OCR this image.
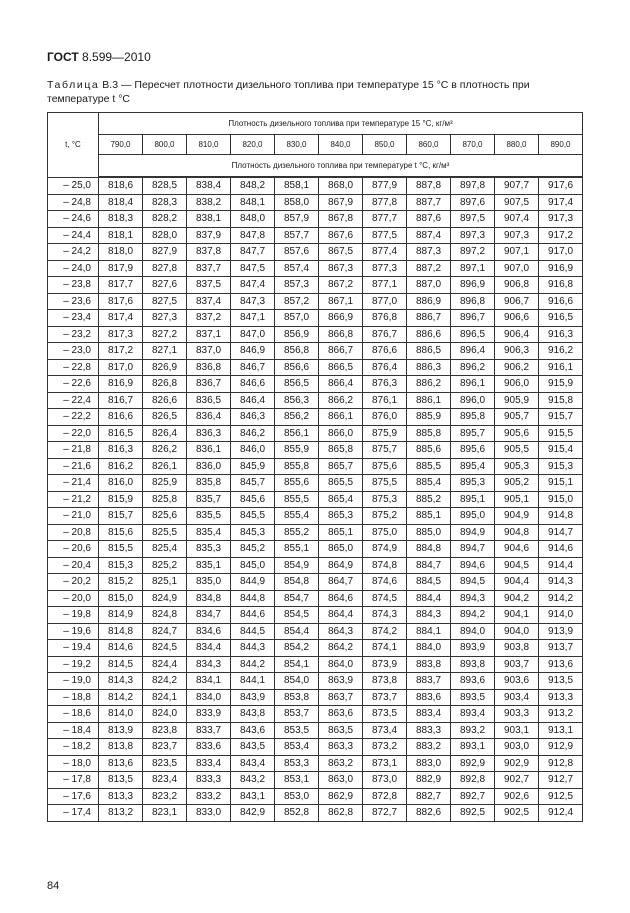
ГОСТ 8.599—2010
Таблица В.3 — Пересчет плотности дизельного топлива при температуре 15 °С в плотность при температуре t °С
t, °С	Плотность дизельного топлива при температуре 15 °С, кг/м³										
	790,0	800,0	810,0	820,0	830,0	840,0	850,0	860,0	870,0	880,0	890,0
	Плотность дизельного топлива при температуре t °С, кг/м³										
– 25,0	818,6	828,5	838,4	848,2	858,1	868,0	877,9	887,8	897,8	907,7	917,6
– 24,8	818,4	828,3	838,2	848,1	858,0	867,9	877,8	887,7	897,6	907,5	917,4
– 24,6	818,3	828,2	838,1	848,0	857,9	867,8	877,7	887,6	897,5	907,4	917,3
– 24,4	818,1	828,0	837,9	847,8	857,7	867,6	877,5	887,4	897,3	907,3	917,2
– 24,2	818,0	827,9	837,8	847,7	857,6	867,5	877,4	887,3	897,2	907,1	917,0
– 24,0	817,9	827,8	837,7	847,5	857,4	867,3	877,3	887,2	897,1	907,0	916,9
– 23,8	817,7	827,6	837,5	847,4	857,3	867,2	877,1	887,0	896,9	906,8	916,8
– 23,6	817,6	827,5	837,4	847,3	857,2	867,1	877,0	886,9	896,8	906,7	916,6
– 23,4	817,4	827,3	837,2	847,1	857,0	866,9	876,8	886,7	896,7	906,6	916,5
– 23,2	817,3	827,2	837,1	847,0	856,9	866,8	876,7	886,6	896,5	906,4	916,3
– 23,0	817,2	827,1	837,0	846,9	856,8	866,7	876,6	886,5	896,4	906,3	916,2
– 22,8	817,0	826,9	836,8	846,7	856,6	866,5	876,4	886,3	896,2	906,2	916,1
– 22,6	816,9	826,8	836,7	846,6	856,5	866,4	876,3	886,2	896,1	906,0	915,9
– 22,4	816,7	826,6	836,5	846,4	856,3	866,2	876,1	886,1	896,0	905,9	915,8
– 22,2	816,6	826,5	836,4	846,3	856,2	866,1	876,0	885,9	895,8	905,7	915,7
– 22,0	816,5	826,4	836,3	846,2	856,1	866,0	875,9	885,8	895,7	905,6	915,5
– 21,8	816,3	826,2	836,1	846,0	855,9	865,8	875,7	885,6	895,6	905,5	915,4
– 21,6	816,2	826,1	836,0	845,9	855,8	865,7	875,6	885,5	895,4	905,3	915,3
– 21,4	816,0	825,9	835,8	845,7	855,6	865,5	875,5	885,4	895,3	905,2	915,1
– 21,2	815,9	825,8	835,7	845,6	855,5	865,4	875,3	885,2	895,1	905,1	915,0
– 21,0	815,7	825,6	835,5	845,5	855,4	865,3	875,2	885,1	895,0	904,9	914,8
– 20,8	815,6	825,5	835,4	845,3	855,2	865,1	875,0	885,0	894,9	904,8	914,7
– 20,6	815,5	825,4	835,3	845,2	855,1	865,0	874,9	884,8	894,7	904,6	914,6
– 20,4	815,3	825,2	835,1	845,0	854,9	864,9	874,8	884,7	894,6	904,5	914,4
– 20,2	815,2	825,1	835,0	844,9	854,8	864,7	874,6	884,5	894,5	904,4	914,3
– 20,0	815,0	824,9	834,8	844,8	854,7	864,6	874,5	884,4	894,3	904,2	914,2
– 19,8	814,9	824,8	834,7	844,6	854,5	864,4	874,3	884,3	894,2	904,1	914,0
– 19,6	814,8	824,7	834,6	844,5	854,4	864,3	874,2	884,1	894,0	904,0	913,9
– 19,4	814,6	824,5	834,4	844,3	854,2	864,2	874,1	884,0	893,9	903,8	913,7
– 19,2	814,5	824,4	834,3	844,2	854,1	864,0	873,9	883,8	893,8	903,7	913,6
– 19,0	814,3	824,2	834,1	844,1	854,0	863,9	873,8	883,7	893,6	903,6	913,5
– 18,8	814,2	824,1	834,0	843,9	853,8	863,7	873,7	883,6	893,5	903,4	913,3
– 18,6	814,0	824,0	833,9	843,8	853,7	863,6	873,5	883,4	893,4	903,3	913,2
– 18,4	813,9	823,8	833,7	843,6	853,5	863,5	873,4	883,3	893,2	903,1	913,1
– 18,2	813,8	823,7	833,6	843,5	853,4	863,3	873,2	883,2	893,1	903,0	912,9
– 18,0	813,6	823,5	833,4	843,4	853,3	863,2	873,1	883,0	892,9	902,9	912,8
– 17,8	813,5	823,4	833,3	843,2	853,1	863,0	873,0	882,9	892,8	902,7	912,7
– 17,6	813,3	823,2	833,2	843,1	853,0	862,9	872,8	882,7	892,7	902,6	912,5
– 17,4	813,2	823,1	833,0	842,9	852,8	862,8	872,7	882,6	892,5	902,5	912,4
84
